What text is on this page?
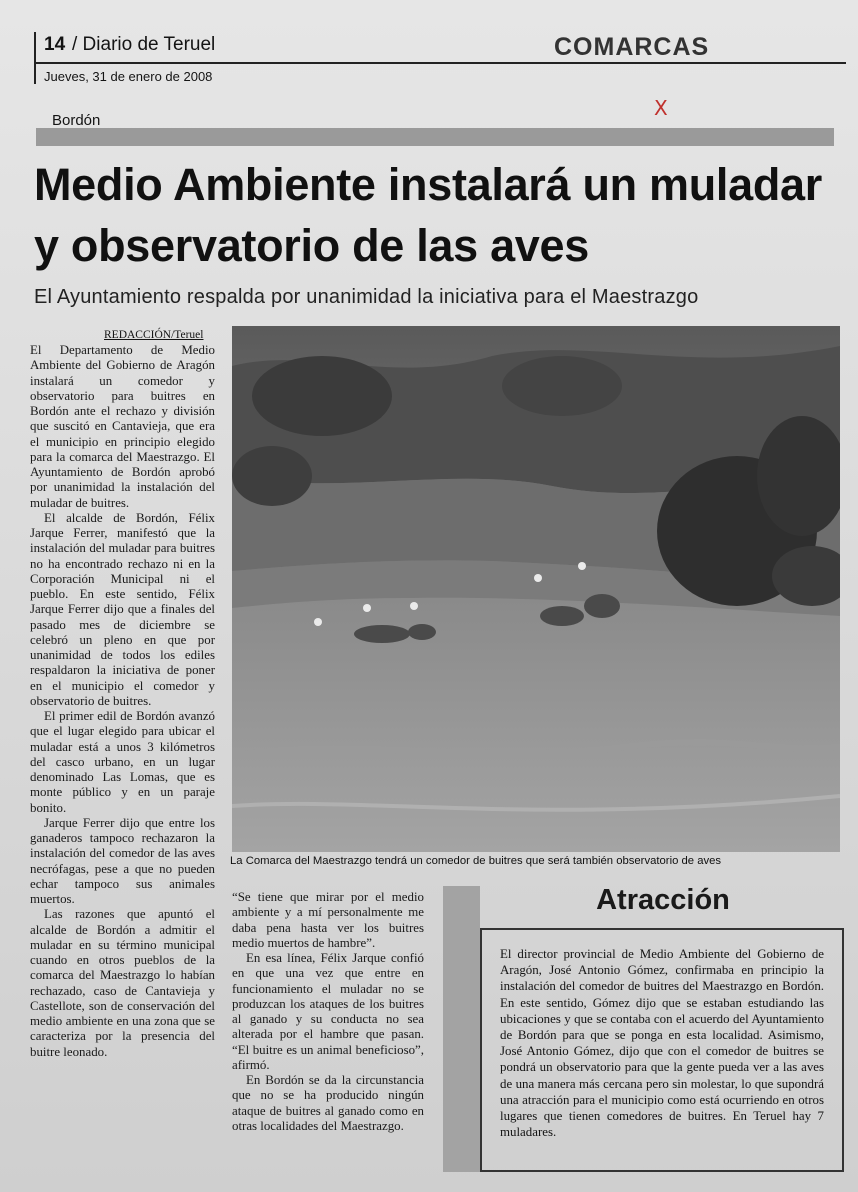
14 / Diario de Teruel	COMARCAS
Jueves, 31 de enero de 2008
Bordón
X
Medio Ambiente instalará un muladar y observatorio de las aves
El Ayuntamiento respalda por unanimidad la iniciativa para el Maestrazgo
REDACCIÓN/Teruel

El Departamento de Medio Ambiente del Gobierno de Aragón instalará un comedor y observatorio para buitres en Bordón ante el rechazo y división que suscitó en Cantavieja, que era el municipio en principio elegido para la comarca del Maestrazgo. El Ayuntamiento de Bordón aprobó por unanimidad la instalación del muladar de buitres.

El alcalde de Bordón, Félix Jarque Ferrer, manifestó que la instalación del muladar para buitres no ha encontrado rechazo ni en la Corporación Municipal ni el pueblo. En este sentido, Félix Jarque Ferrer dijo que a finales del pasado mes de diciembre se celebró un pleno en que por unanimidad de todos los ediles respaldaron la iniciativa de poner en el municipio el comedor y observatorio de buitres.

El primer edil de Bordón avanzó que el lugar elegido para ubicar el muladar está a unos 3 kilómetros del casco urbano, en un lugar denominado Las Lomas, que es monte público y en un paraje bonito.

Jarque Ferrer dijo que entre los ganaderos tampoco rechazaron la instalación del comedor de las aves necrófagas, pese a que no pueden echar tampoco sus animales muertos.

Las razones que apuntó el alcalde de Bordón a admitir el muladar en su término municipal cuando en otros pueblos de la comarca del Maestrazgo lo habían rechazado, caso de Cantavieja y Castellote, son de conservación del medio ambiente en una zona que se caracteriza por la presencia del buitre leonado.

La Comarca del Maestrazgo tendrá un comedor de buitres que será también observatorio de aves

“Se tiene que mirar por el medio ambiente y a mí personalmente me daba pena hasta ver los buitres medio muertos de hambre”.

En esa línea, Félix Jarque confió en que una vez que entre en funcionamiento el muladar no se produzcan los ataques de los buitres al ganado y su conducta no sea alterada por el hambre que pasan. “El buitre es un animal beneficioso”, afirmó.

En Bordón se da la circunstancia que no se ha producido ningún ataque de buitres al ganado como en otras localidades del Maestrazgo.

Atracción
El director provincial de Medio Ambiente del Gobierno de Aragón, José Antonio Gómez, confirmaba en principio la instalación del comedor de buitres del Maestrazgo en Bordón. En este sentido, Gómez dijo que se estaban estudiando las ubicaciones y que se contaba con el acuerdo del Ayuntamiento de Bordón para que se ponga en esta localidad. Asimismo, José Antonio Gómez, dijo que con el comedor de buitres se pondrá un observatorio para que la gente pueda ver a las aves de una manera más cercana pero sin molestar, lo que supondrá una atracción para el municipio como está ocurriendo en otros lugares que tienen comedores de buitres. En Teruel hay 7 muladares.
